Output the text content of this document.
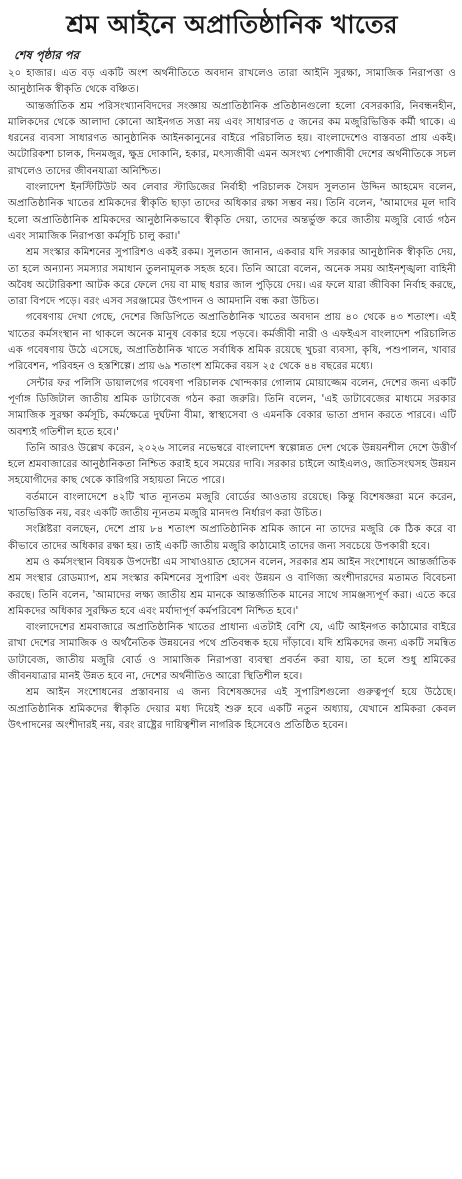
শ্রম আইনে অপ্রাতিষ্ঠানিক খাতের
শেষ পৃষ্ঠার পর

২০ হাজার। এত বড় একটি অংশ অর্থনীতিতে অবদান রাখলেও তারা আইনি সুরক্ষা, সামাজিক নিরাপত্তা ও আনুষ্ঠানিক স্বীকৃতি থেকে বঞ্চিত।

আন্তর্জাতিক শ্রম পরিসংখ্যানবিদদের সংজ্ঞায় অপ্রাতিষ্ঠানিক প্রতিষ্ঠানগুলো হলো বেসরকারি, নিবন্ধনহীন, মালিকদের থেকে আলাদা কোনো আইনগত সত্তা নয় এবং সাধারণত ৫ জনের কম মজুরিভিত্তিক কর্মী থাকে। এ ধরনের ব্যবসা সাধারণত আনুষ্ঠানিক আইনকানুনের বাইরে পরিচালিত হয়। বাংলাদেশেও বাস্তবতা প্রায় একই। অটোরিকশা চালক, দিনমজুর, ক্ষুদ্র দোকানি, হকার, মৎস্যজীবী এমন অসংখ্য পেশাজীবী দেশের অর্থনীতিকে সচল রাখলেও তাদের জীবনযাত্রা অনিশ্চিত।

বাংলাদেশ ইনস্টিটিউট অব লেবার স্টাডিজের নির্বাহী পরিচালক সৈয়দ সুলতান উদ্দিন আহমেদ বলেন, অপ্রাতিষ্ঠানিক খাতের শ্রমিকদের স্বীকৃতি ছাড়া তাদের অধিকার রক্ষা সম্ভব নয়। তিনি বলেন, 'আমাদের মূল দাবি হলো অপ্রাতিষ্ঠানিক শ্রমিকদের আনুষ্ঠানিকভাবে স্বীকৃতি দেয়া, তাদের অন্তর্ভুক্ত করে জাতীয় মজুরি বোর্ড গঠন এবং সামাজিক নিরাপত্তা কর্মসূচি চালু করা।'

শ্রম সংস্কার কমিশনের সুপারিশও একই রকম। সুলতান জানান, একবার যদি সরকার আনুষ্ঠানিক স্বীকৃতি দেয়, তা হলে অন্যান্য সমস্যার সমাধান তুলনামূলক সহজ হবে। তিনি আরো বলেন, অনেক সময় আইনশৃঙ্খলা বাহিনী অবৈধ অটোরিকশা আটক করে ফেলে দেয় বা মাছ ধরার জাল পুড়িয়ে দেয়। এর ফলে যারা জীবিকা নির্বাহ করছে, তারা বিপদে পড়ে। বরং এসব সরঞ্জামের উৎপাদন ও আমদানি বন্ধ করা উচিত।

গবেষণায় দেখা গেছে, দেশের জিডিপিতে অপ্রাতিষ্ঠানিক খাতের অবদান প্রায় ৪০ থেকে ৪৩ শতাংশ। এই খাতের কর্মসংস্থান না থাকলে অনেক মানুষ বেকার হয়ে পড়বে। কর্মজীবী নারী ও এফইএস বাংলাদেশ পরিচালিত এক গবেষণায় উঠে এসেছে, অপ্রাতিষ্ঠানিক খাতে সর্বাধিক শ্রমিক রয়েছে খুচরা ব্যবসা, কৃষি, পশুপালন, খাবার পরিবেশন, পরিবহন ও হস্তশিল্পে। প্রায় ৬৯ শতাংশ শ্রমিকের বয়স ২৫ থেকে ৪৪ বছরের মধ্যে।

সেন্টার ফর পলিসি ডায়ালগের গবেষণা পরিচালক খোন্দকার গোলাম মোয়াজ্জেম বলেন, দেশের জন্য একটি পূর্ণাঙ্গ ডিজিটাল জাতীয় শ্রমিক ডাটাবেজ গঠন করা জরুরি। তিনি বলেন, 'এই ডাটাবেজের মাধ্যমে সরকার সামাজিক সুরক্ষা কর্মসূচি, কর্মক্ষেত্রে দুর্ঘটনা বীমা, স্বাস্থ্যসেবা ও এমনকি বেকার ভাতা প্রদান করতে পারবে। এটি অবশ্যই গতিশীল হতে হবে।'

তিনি আরও উল্লেখ করেন, ২০২৬ সালের নভেম্বরে বাংলাদেশ স্বল্পোন্নত দেশ থেকে উন্নয়নশীল দেশে উত্তীর্ণ হলে শ্রমবাজারের আনুষ্ঠানিকতা নিশ্চিত করাই হবে সময়ের দাবি। সরকার চাইলে আইএলও, জাতিসংঘসহ উন্নয়ন সহযোগীদের কাছ থেকে কারিগরি সহায়তা নিতে পারে।

বর্তমানে বাংলাদেশে ৪২টি খাত ন্যূনতম মজুরি বোর্ডের আওতায় রয়েছে। কিন্তু বিশেষজ্ঞরা মনে করেন, খাতভিত্তিক নয়, বরং একটি জাতীয় ন্যূনতম মজুরি মানদণ্ড নির্ধারণ করা উচিত।

সংশ্লিষ্টরা বলছেন, দেশে প্রায় ৮৪ শতাংশ অপ্রাতিষ্ঠানিক শ্রমিক জানে না তাদের মজুরি কে ঠিক করে বা কীভাবে তাদের অধিকার রক্ষা হয়। তাই একটি জাতীয় মজুরি কাঠামোই তাদের জন্য সবচেয়ে উপকারী হবে।

শ্রম ও কর্মসংস্থান বিষয়ক উপদেষ্টা এম সাখাওয়াত হোসেন বলেন, সরকার শ্রম আইন সংশোধনে আন্তর্জাতিক শ্রম সংস্থার রোডম্যাপ, শ্রম সংস্কার কমিশনের সুপারিশ এবং উন্নয়ন ও বাণিজ্য অংশীদারদের মতামত বিবেচনা করছে। তিনি বলেন, 'আমাদের লক্ষ্য জাতীয় শ্রম মানকে আন্তর্জাতিক মানের সাথে সামঞ্জস্যপূর্ণ করা। এতে করে শ্রমিকদের অধিকার সুরক্ষিত হবে এবং মর্যাদাপূর্ণ কর্মপরিবেশ নিশ্চিত হবে।'

বাংলাদেশের শ্রমবাজারে অপ্রাতিষ্ঠানিক খাতের প্রাধান্য এতটাই বেশি যে, এটি আইনগত কাঠামোর বাইরে রাখা দেশের সামাজিক ও অর্থনৈতিক উন্নয়নের পথে প্রতিবন্ধক হয়ে দাঁড়াবে। যদি শ্রমিকদের জন্য একটি সমন্বিত ডাটাবেজ, জাতীয় মজুরি বোর্ড ও সামাজিক নিরাপত্তা ব্যবস্থা প্রবর্তন করা যায়, তা হলে শুধু শ্রমিকের জীবনযাত্রার মানই উন্নত হবে না, দেশের অর্থনীতিও আরো স্থিতিশীল হবে।

শ্রম আইন সংশোধনের প্রস্তাবনায় এ জন্য বিশেষজ্ঞদের এই সুপারিশগুলো গুরুত্বপূর্ণ হয়ে উঠেছে। অপ্রাতিষ্ঠানিক শ্রমিকদের স্বীকৃতি দেয়ার মধ্য দিয়েই শুরু হবে একটি নতুন অধ্যায়, যেখানে শ্রমিকরা কেবল উৎপাদনের অংশীদারই নয়, বরং রাষ্ট্রের দায়িত্বশীল নাগরিক হিসেবেও প্রতিষ্ঠিত হবেন।
